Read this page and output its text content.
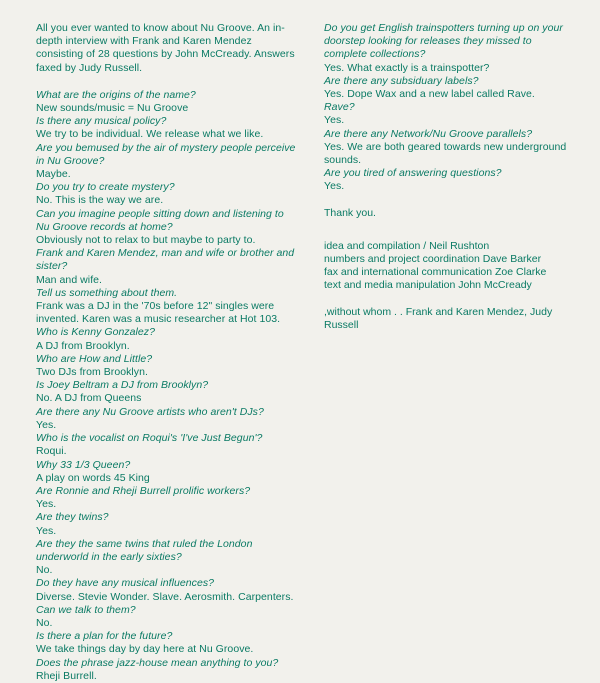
All you ever wanted to know about Nu Groove. An in-depth interview with Frank and Karen Mendez consisting of 28 questions by John McCready. Answers faxed by Judy Russell.

What are the origins of the name?
New sounds/music = Nu Groove
Is there any musical policy?
We try to be individual. We release what we like.
Are you bemused by the air of mystery people perceive in Nu Groove?
Maybe.
Do you try to create mystery?
No. This is the way we are.
Can you imagine people sitting down and listening to Nu Groove records at home?
Obviously not to relax to but maybe to party to.
Frank and Karen Mendez, man and wife or brother and sister?
Man and wife.
Tell us something about them.
Frank was a DJ in the '70s before 12" singles were invented. Karen was a music researcher at Hot 103.
Who is Kenny Gonzalez?
A DJ from Brooklyn.
Who are How and Little?
Two DJs from Brooklyn.
Is Joey Beltram a DJ from Brooklyn?
No. A DJ from Queens
Are there any Nu Groove artists who aren't DJs?
Yes.
Who is the vocalist on Roqui's 'I've Just Begun'?
Roqui.
Why 33 1/3 Queen?
A play on words 45 King
Are Ronnie and Rheji Burrell prolific workers?
Yes.
Are they twins?
Yes.
Are they the same twins that ruled the London underworld in the early sixties?
No.
Do they have any musical influences?
Diverse. Stevie Wonder. Slave. Aerosmith. Carpenters.
Can we talk to them?
No.
Is there a plan for the future?
We take things day by day here at Nu Groove.
Does the phrase jazz-house mean anything to you?
Rheji Burrell.
Do you get English trainspotters turning up on your doorstep looking for releases they missed to complete collections?
Yes. What exactly is a trainspotter?
Are there any subsiduary labels?
Yes. Dope Wax and a new label called Rave.
Rave?
Yes.
Are there any Network/Nu Groove parallels?
Yes. We are both geared towards new underground sounds.
Are you tired of answering questions?
Yes.

Thank you.

idea and compilation / Neil Rushton
numbers and project coordination Dave Barker
fax and international communication Zoe Clarke
text and media manipulation John McCready

,without whom . . Frank and Karen Mendez, Judy Russell
